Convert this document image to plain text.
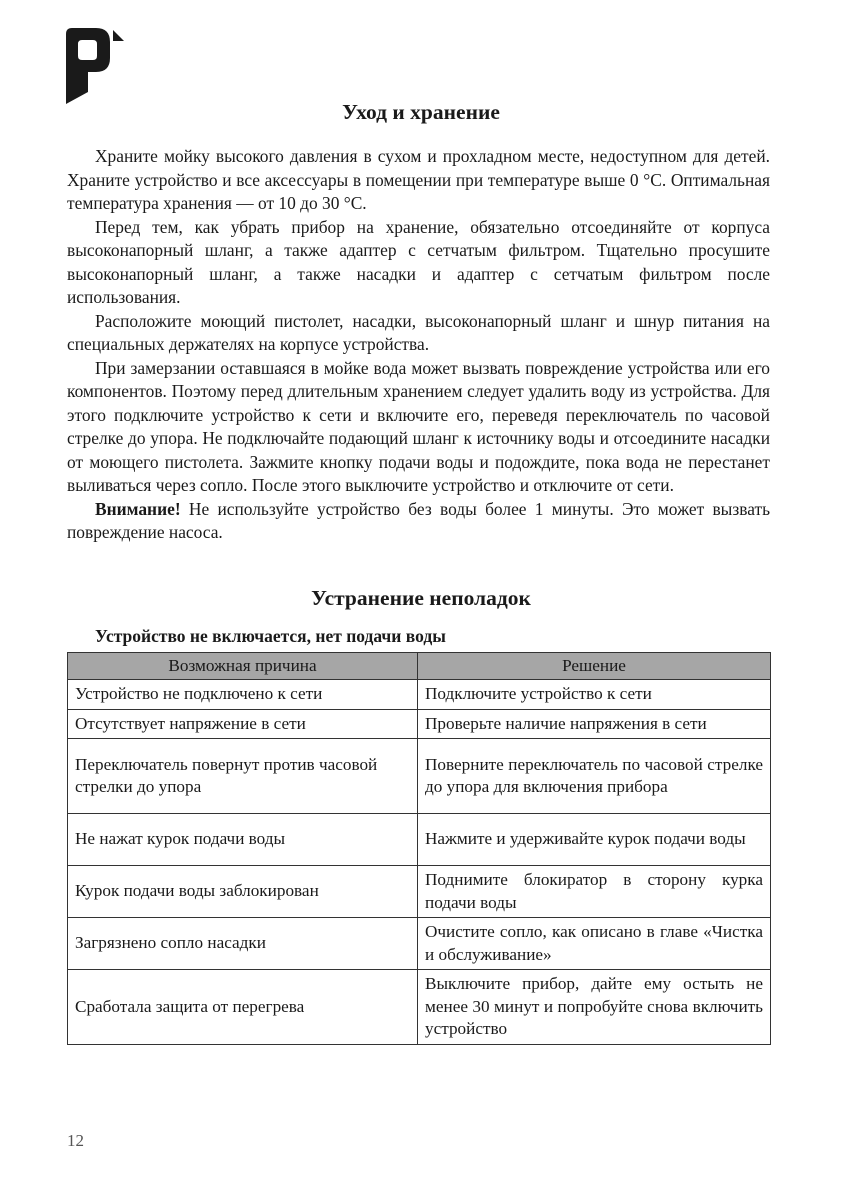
Уход и хранение

Храните мойку высокого давления в сухом и прохладном месте, недоступном для детей. Храните устройство и все аксессуары в помещении при температуре выше 0 °С. Оптимальная температура хранения — от 10 до 30 °С.

Перед тем, как убрать прибор на хранение, обязательно отсоединяйте от корпуса высоконапорный шланг, а также адаптер с сетчатым фильтром. Тщательно просушите высоконапорный шланг, а также насадки и адаптер с сетчатым фильтром после использования.

Расположите моющий пистолет, насадки, высоконапорный шланг и шнур питания на специальных держателях на корпусе устройства.

При замерзании оставшаяся в мойке вода может вызвать повреждение устройства или его компонентов. Поэтому перед длительным хранением следует удалить воду из устройства. Для этого подключите устройство к сети и включите его, переведя переключатель по часовой стрелке до упора. Не подключайте подающий шланг к источнику воды и отсоедините насадки от моющего пистолета. Зажмите кнопку подачи воды и подождите, пока вода не перестанет выливаться через сопло. После этого выключите устройство и отключите от сети.

Внимание! Не используйте устройство без воды более 1 минуты. Это может вызвать повреждение насоса.

Устранение неполадок
Устройство не включается, нет подачи воды
Возможная причина	Решение
Устройство не подключено к сети	Подключите устройство к сети
Отсутствует напряжение в сети	Проверьте наличие напряжения в сети
Переключатель повернут против часовой стрелки до упора	Поверните переключатель по часовой стрелке до упора для включения прибора
Не нажат курок подачи воды	Нажмите и удерживайте курок подачи воды
Курок подачи воды заблокирован	Поднимите блокиратор в сторону курка подачи воды
Загрязнено сопло насадки	Очистите сопло, как описано в главе «Чистка и обслуживание»
Сработала защита от перегрева	Выключите прибор, дайте ему остыть не менее 30 минут и попробуйте снова включить устройство
12
